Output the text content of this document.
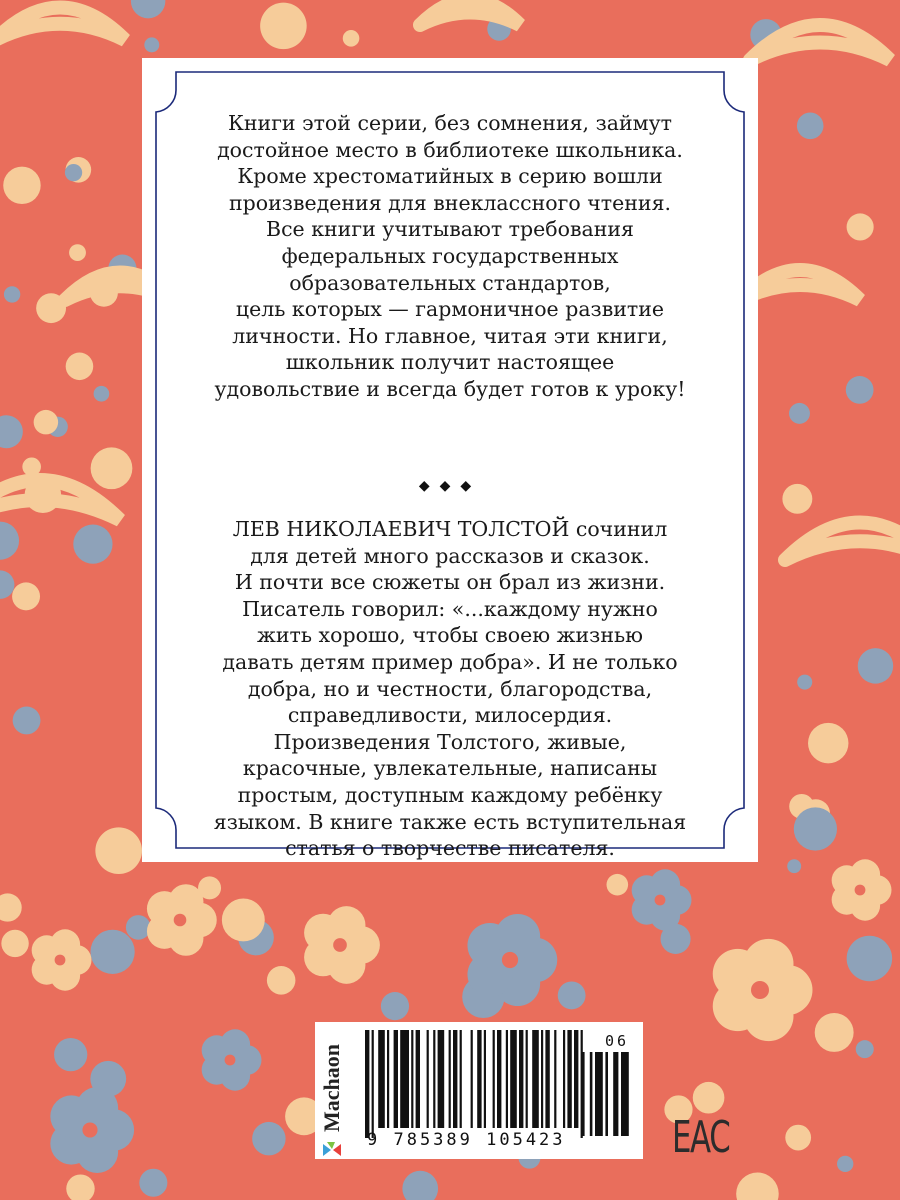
Книги этой серии, без сомнения, займут
достойное место в библиотеке школьника.
Кроме хрестоматийных в серию вошли
произведения для внеклассного чтения.
Все книги учитывают требования
федеральных государственных
образовательных стандартов,
цель которых — гармоничное развитие
личности. Но главное, читая эти книги,
школьник получит настоящее
удовольствие и всегда будет готов к уроку!
◆◆◆
ЛЕВ НИКОЛАЕВИЧ ТОЛСТОЙ сочинил
для детей много рассказов и сказок.
И почти все сюжеты он брал из жизни.
Писатель говорил: «...каждому нужно
жить хорошо, чтобы своею жизнью
давать детям пример добра». И не только
добра, но и честности, благородства,
справедливости, милосердия.
Произведения Толстого, живые,
красочные, увлекательные, написаны
простым, доступным каждому ребёнку
языком. В книге также есть вступительная
статья о творчестве писателя.
Machaon
9 785389 105423
06
EAC
